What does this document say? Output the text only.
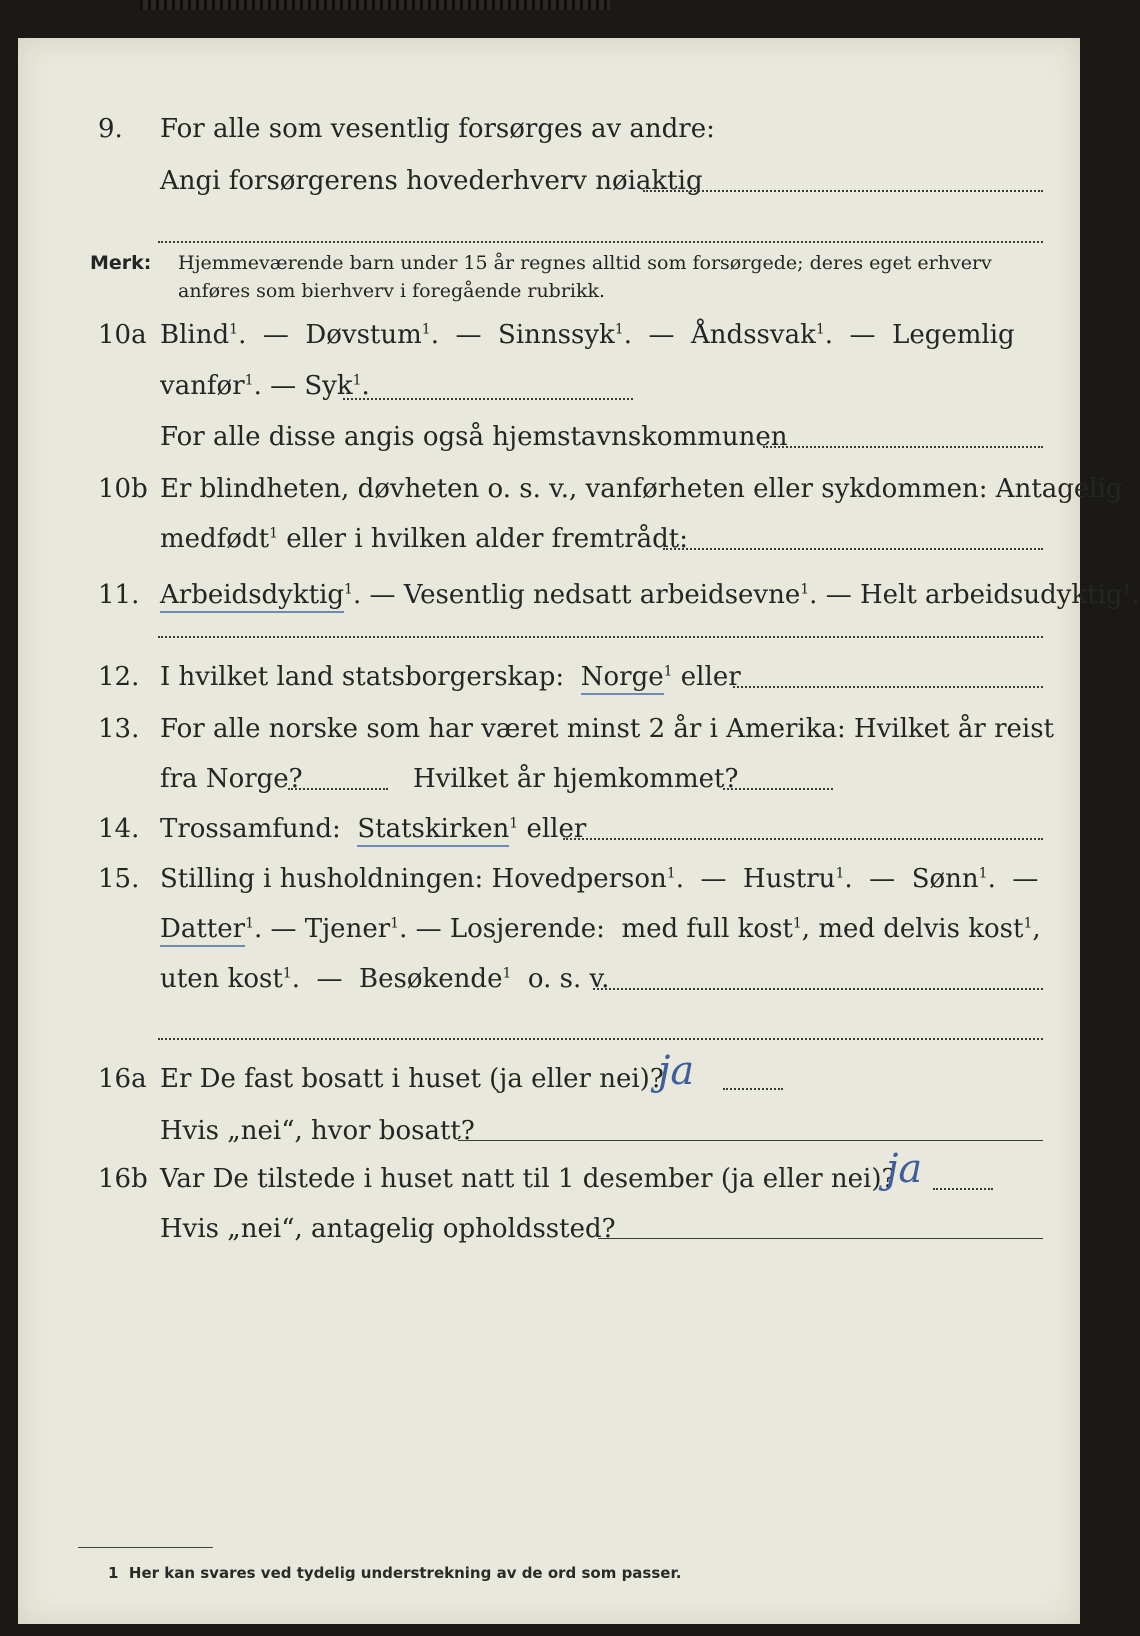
9. For alle som vesentlig forsørges av andre:
Angi forsørgerens hovederhverv nøiaktig
Merk: Hjemmeværende barn under 15 år regnes alltid som forsørgede; deres eget erhverv
anføres som bierhverv i foregående rubrikk.
10a Blind$^1$.  —  Døvstum$^1$.  —  Sinnssyk$^1$.  —  Åndssvak$^1$.  —  Legemlig
vanfør$^1$. — Syk$^1$.
For alle disse angis også hjemstavnskommunen
10b Er blindheten, døvheten o. s. v., vanførheten eller sykdommen: Antagelig
medfødt$^1$ eller i hvilken alder fremtrådt:
11. Arbeidsdyktig$^1$. — Vesentlig nedsatt arbeidsevne$^1$. — Helt arbeidsudyktig$^1$.
12. I hvilket land statsborgerskap: Norge$^1$ eller
13. For alle norske som har været minst 2 år i Amerika: Hvilket år reist
fra Norge?	Hvilket år hjemkommet?
14. Trossamfund: Statskirken$^1$ eller
15. Stilling i husholdningen: Hovedperson$^1$.  —  Hustru$^1$.  —  Sønn$^1$.  —
Datter$^1$. — Tjener$^1$. — Losjerende: med full kost$^1$, med delvis kost$^1$,
uten kost$^1$.  —  Besøkende$^1$ o. s. v.
16a Er De fast bosatt i huset (ja eller nei)?
ja
Hvis „nei“, hvor bosatt?
16b Var De tilstede i huset natt til 1 desember (ja eller nei)?
ja
Hvis „nei“, antagelig opholdssted?
1 Her kan svares ved tydelig understrekning av de ord som passer.
